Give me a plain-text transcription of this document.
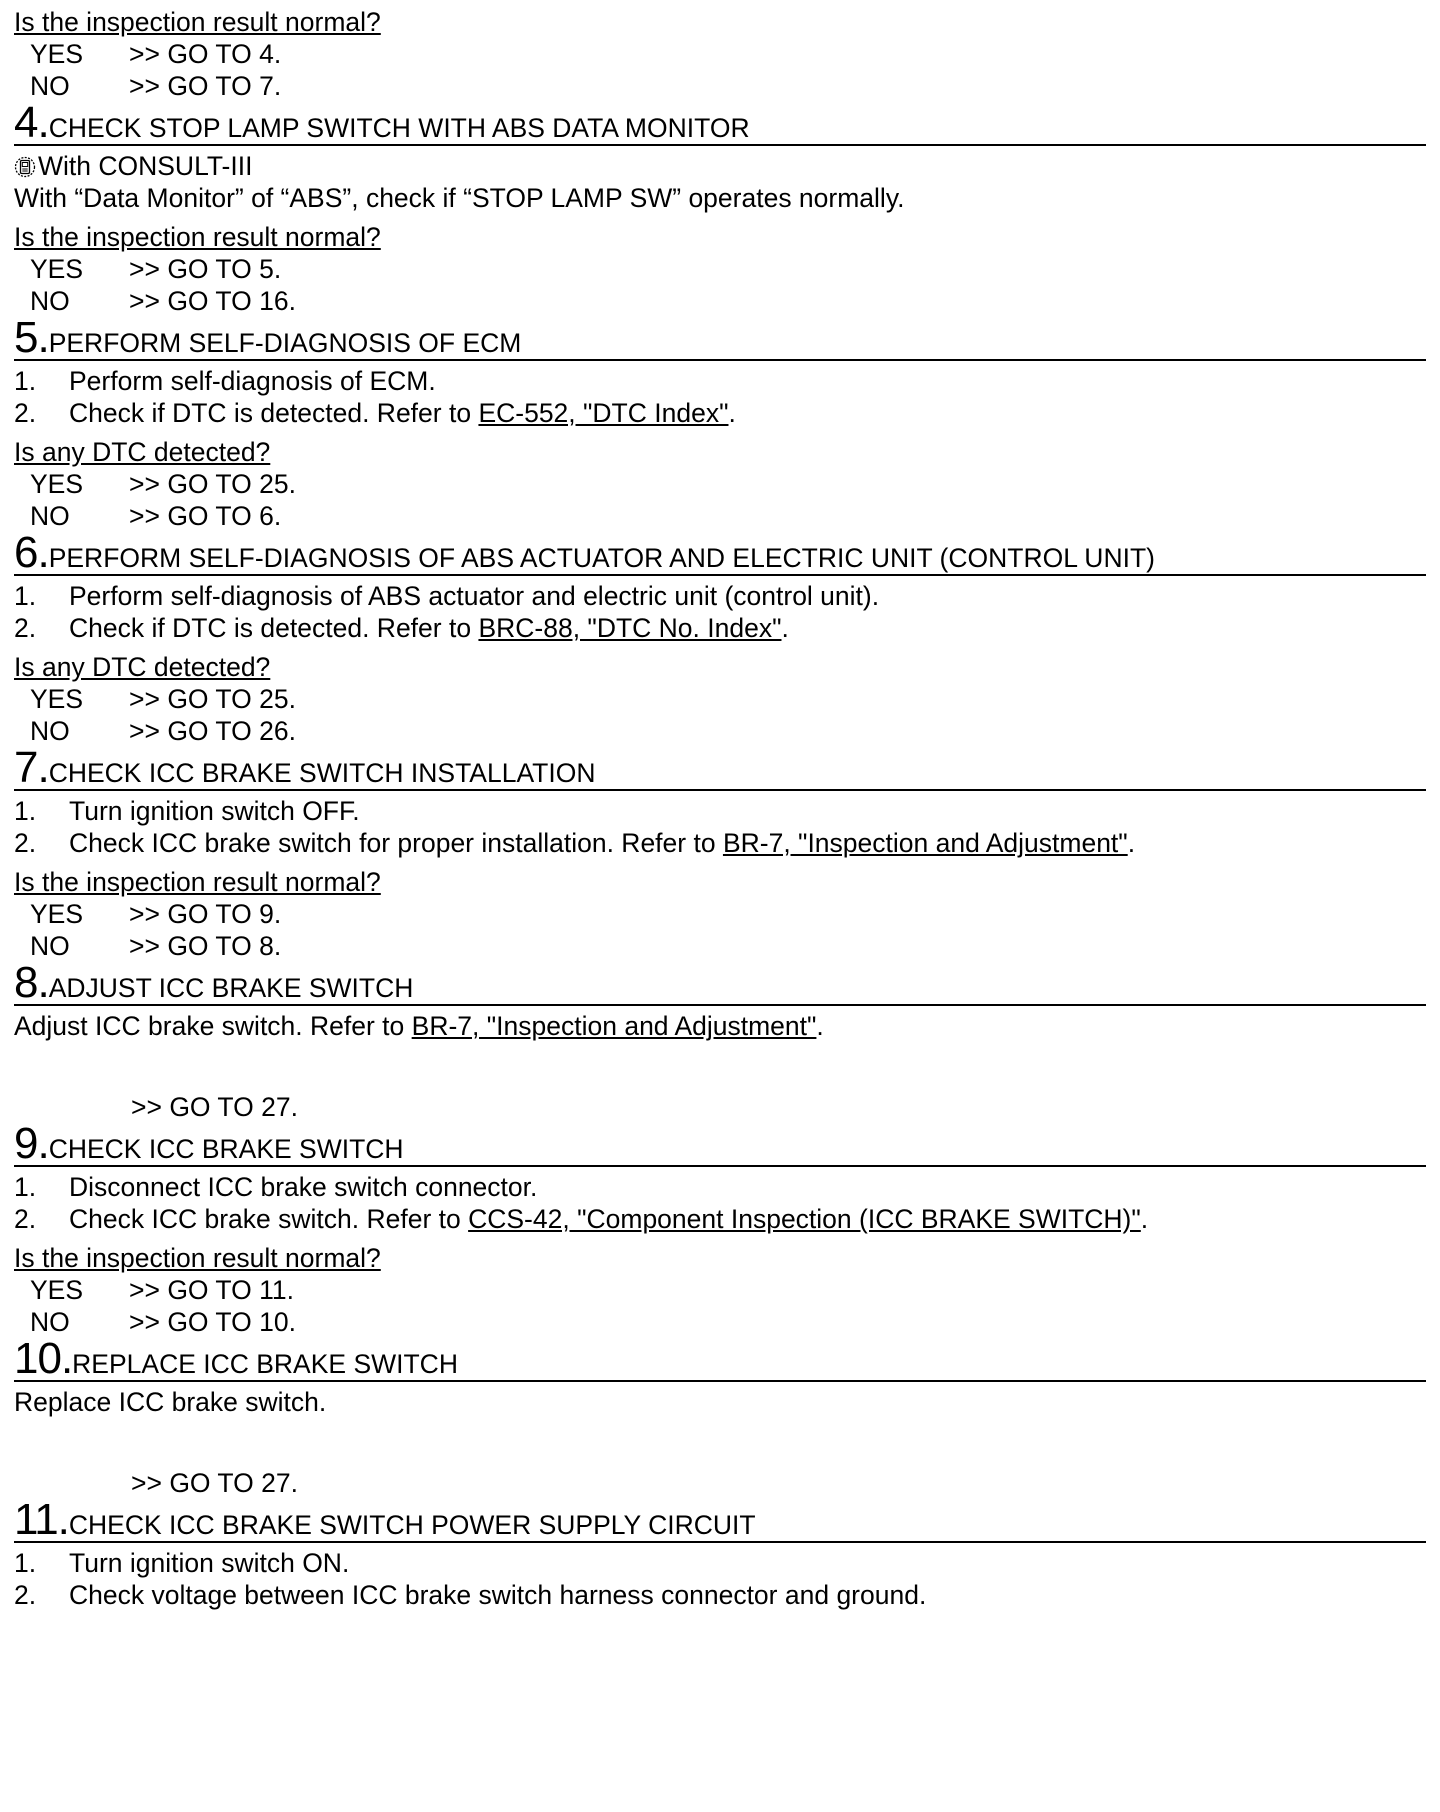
Is the inspection result normal?
YES	>> GO TO 4.
NO	>> GO TO 7.
4. CHECK STOP LAMP SWITCH WITH ABS DATA MONITOR
With CONSULT-III
With “Data Monitor” of “ABS”, check if “STOP LAMP SW” operates normally.
Is the inspection result normal?
YES	>> GO TO 5.
NO	>> GO TO 16.
5. PERFORM SELF-DIAGNOSIS OF ECM
1.	Perform self-diagnosis of ECM.
2.	Check if DTC is detected. Refer to EC-552, "DTC Index".
Is any DTC detected?
YES	>> GO TO 25.
NO	>> GO TO 6.
6. PERFORM SELF-DIAGNOSIS OF ABS ACTUATOR AND ELECTRIC UNIT (CONTROL UNIT)
1.	Perform self-diagnosis of ABS actuator and electric unit (control unit).
2.	Check if DTC is detected. Refer to BRC-88, "DTC No. Index".
Is any DTC detected?
YES	>> GO TO 25.
NO	>> GO TO 26.
7. CHECK ICC BRAKE SWITCH INSTALLATION
1.	Turn ignition switch OFF.
2.	Check ICC brake switch for proper installation. Refer to BR-7, "Inspection and Adjustment".
Is the inspection result normal?
YES	>> GO TO 9.
NO	>> GO TO 8.
8. ADJUST ICC BRAKE SWITCH
Adjust ICC brake switch. Refer to BR-7, "Inspection and Adjustment".
>> GO TO 27.
9. CHECK ICC BRAKE SWITCH
1.	Disconnect ICC brake switch connector.
2.	Check ICC brake switch. Refer to CCS-42, "Component Inspection (ICC BRAKE SWITCH)".
Is the inspection result normal?
YES	>> GO TO 11.
NO	>> GO TO 10.
10. REPLACE ICC BRAKE SWITCH
Replace ICC brake switch.
>> GO TO 27.
11. CHECK ICC BRAKE SWITCH POWER SUPPLY CIRCUIT
1.	Turn ignition switch ON.
2.	Check voltage between ICC brake switch harness connector and ground.
